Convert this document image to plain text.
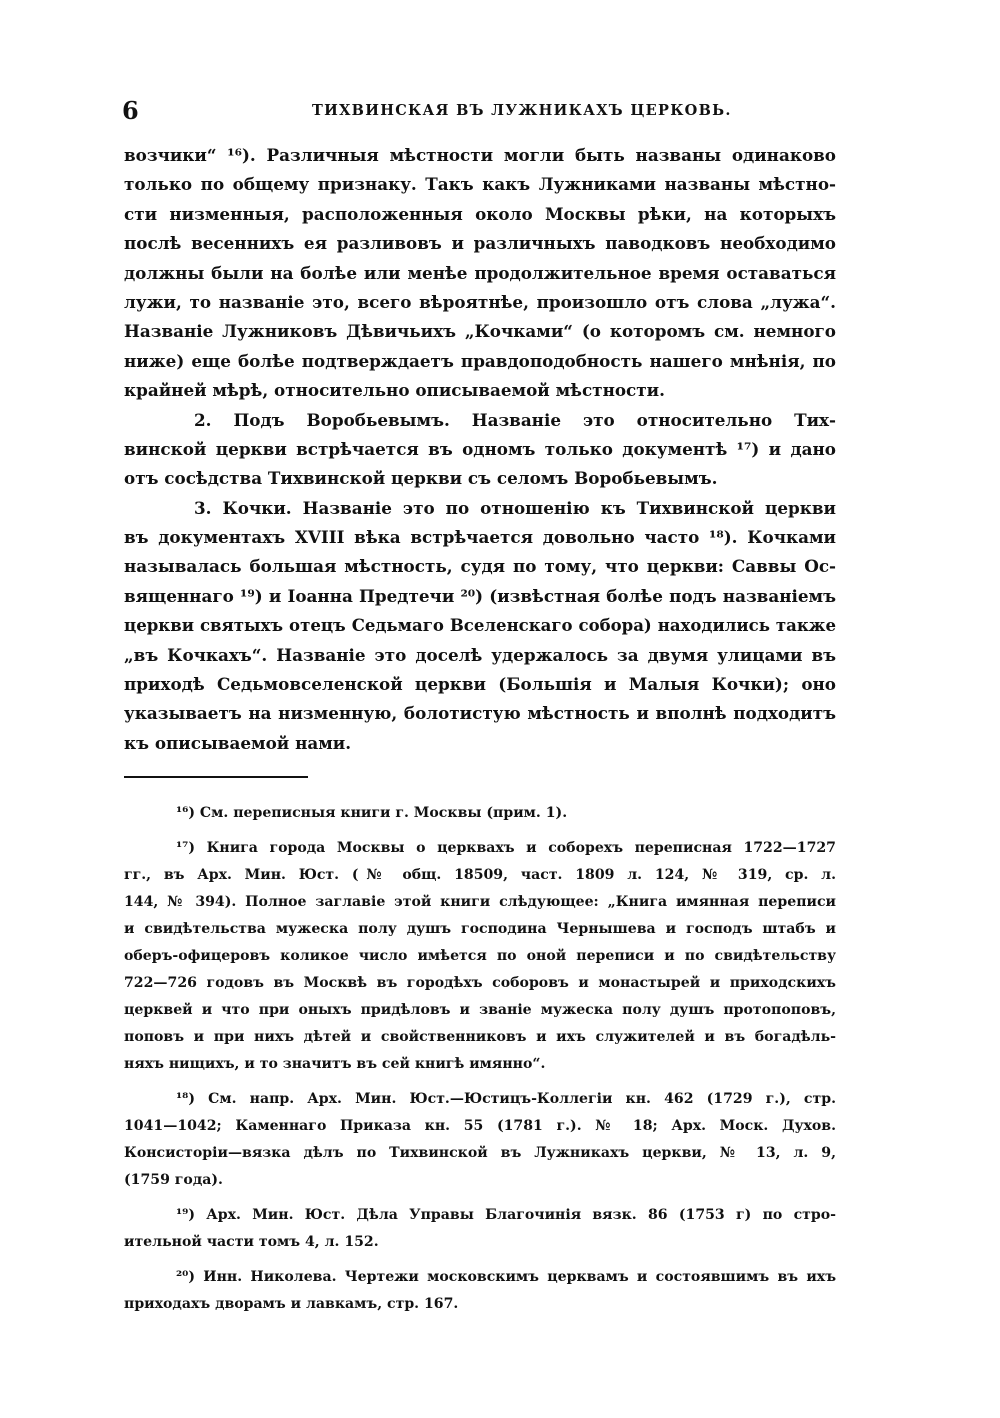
6	ТИХВИНСКАЯ ВЪ ЛУЖНИКАХЪ ЦЕРКОВЬ.
возчики“ ¹⁶). Различныя мѣстности могли быть названы одинаково
только по общему признаку. Такъ какъ Лужниками названы мѣстно-
сти низменныя, расположенныя около Москвы рѣки, на которыхъ
послѣ весеннихъ ея разливовъ и различныхъ паводковъ необходимо
должны были на болѣе или менѣе продолжительное время оставаться
лужи, то названіе это, всего вѣроятнѣе, произошло отъ слова „лужа“.
Названіе Лужниковъ Дѣвичьихъ „Кочками“ (о которомъ см. немного
ниже) еще болѣе подтверждаетъ правдоподобность нашего мнѣнія, по
крайней мѣрѣ, относительно описываемой мѣстности.
2. Подъ Воробьевымъ. Названіе это относительно Тих-
винской церкви встрѣчается въ одномъ только документѣ ¹⁷) и дано
отъ сосѣдства Тихвинской церкви съ селомъ Воробьевымъ.
3. Кочки. Названіе это по отношенію къ Тихвинской церкви
въ документахъ XVIII вѣка встрѣчается довольно часто ¹⁸). Кочками
называлась большая мѣстность, судя по тому, что церкви: Саввы Ос-
вященнаго ¹⁹) и Іоанна Предтечи ²⁰) (извѣстная болѣе подъ названіемъ
церкви святыхъ отецъ Седьмаго Вселенскаго собора) находились также
„въ Кочкахъ“. Названіе это доселѣ удержалось за двумя улицами въ
приходѣ Седьмовселенской церкви (Большія и Малыя Кочки); оно
указываетъ на низменную, болотистую мѣстность и вполнѣ подходитъ
къ описываемой нами.
¹⁶) См. переписныя книги г. Москвы (прим. 1).
¹⁷) Книга города Москвы о церквахъ и соборехъ переписная 1722—1727
гг., въ Арх. Мин. Юст. (№ общ. 18509, част. 1809 л. 124, № 319, ср. л.
144, № 394). Полное заглавіе этой книги слѣдующее: „Книга имянная переписи
и свидѣтельства мужеска полу душъ господина Чернышева и господъ штабъ и
оберъ-офицеровъ коликое число имѣется по оной переписи и по свидѣтельству
722—726 годовъ въ Москвѣ въ городѣхъ соборовъ и монастырей и приходскихъ
церквей и что при оныхъ придѣловъ и званіе мужеска полу душъ протопоповъ,
поповъ и при нихъ дѣтей и свойственниковъ и ихъ служителей и въ богадѣль-
няхъ нищихъ, и то значитъ въ сей книгѣ имянно“.
¹⁸) См. напр. Арх. Мин. Юст.—Юстицъ-Коллегіи кн. 462 (1729 г.), стр.
1041—1042; Каменнаго Приказа кн. 55 (1781 г.). № 18; Арх. Моск. Духов.
Консисторіи—вязка дѣлъ по Тихвинской въ Лужникахъ церкви, № 13, л. 9,
(1759 года).
¹⁹) Арх. Мин. Юст. Дѣла Управы Благочинія вязк. 86 (1753 г) по стро-
ительной части томъ 4, л. 152.
²⁰) Инн. Николева. Чертежи московскимъ церквамъ и состоявшимъ въ ихъ
приходахъ дворамъ и лавкамъ, стр. 167.
